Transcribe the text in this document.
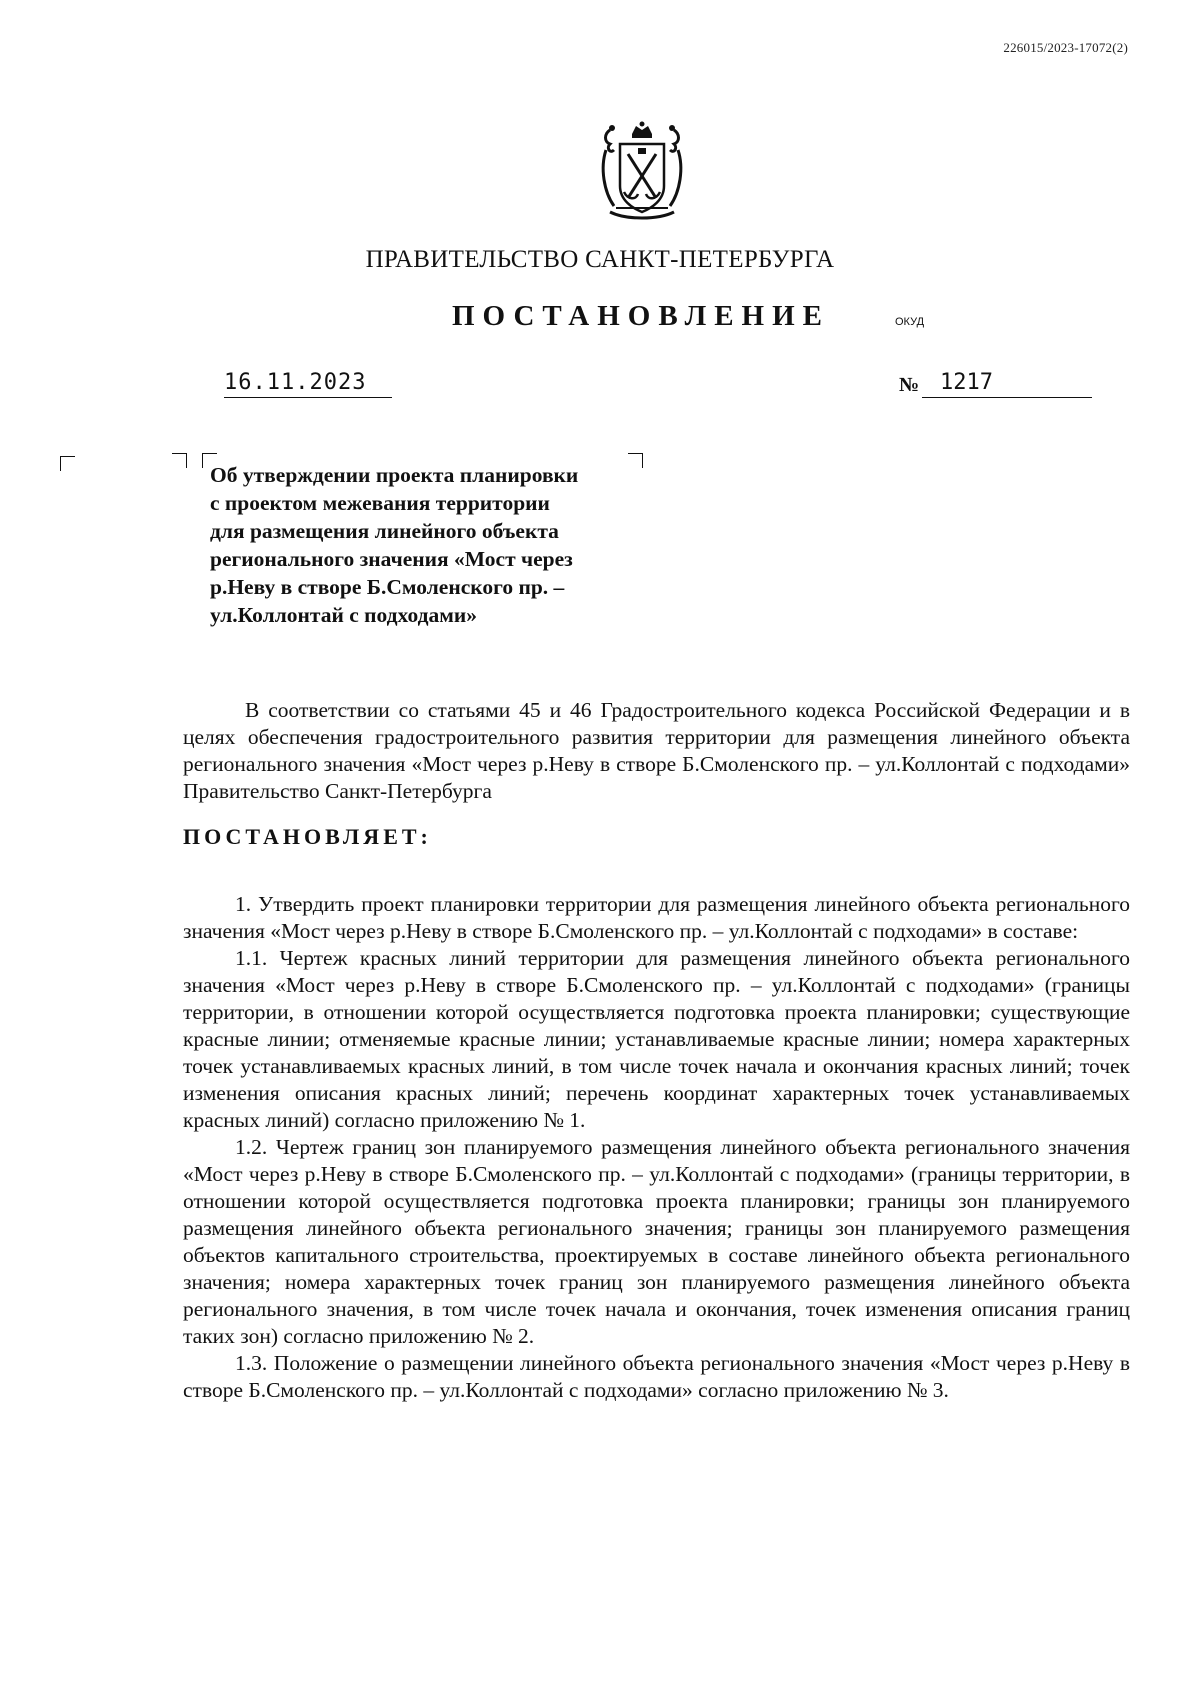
226015/2023-17072(2)
ПРАВИТЕЛЬСТВО САНКТ-ПЕТЕРБУРГА
ПОСТАНОВЛЕНИЕ	ОКУД
16.11.2023	№ 1217
Об утверждении проекта планировки
с проектом межевания территории
для размещения линейного объекта
регионального значения «Мост через
р.Неву в створе Б.Смоленского пр. –
ул.Коллонтай с подходами»

В соответствии со статьями 45 и 46 Градостроительного кодекса Российской Федерации и в целях обеспечения градостроительного развития территории для размещения линейного объекта регионального значения «Мост через р.Неву в створе Б.Смоленского пр. – ул.Коллонтай с подходами» Правительство Санкт-Петербурга

ПОСТАНОВЛЯЕТ:

1. Утвердить проект планировки территории для размещения линейного объекта регионального значения «Мост через р.Неву в створе Б.Смоленского пр. – ул.Коллонтай с подходами» в составе:

1.1. Чертеж красных линий территории для размещения линейного объекта регионального значения «Мост через р.Неву в створе Б.Смоленского пр. – ул.Коллонтай с подходами» (границы территории, в отношении которой осуществляется подготовка проекта планировки; существующие красные линии; отменяемые красные линии; устанавливаемые красные линии; номера характерных точек устанавливаемых красных линий, в том числе точек начала и окончания красных линий; точек изменения описания красных линий; перечень координат характерных точек устанавливаемых красных линий) согласно приложению № 1.

1.2. Чертеж границ зон планируемого размещения линейного объекта регионального значения «Мост через р.Неву в створе Б.Смоленского пр. – ул.Коллонтай с подходами» (границы территории, в отношении которой осуществляется подготовка проекта планировки; границы зон планируемого размещения линейного объекта регионального значения; границы зон планируемого размещения объектов капитального строительства, проектируемых в составе линейного объекта регионального значения; номера характерных точек границ зон планируемого размещения линейного объекта регионального значения, в том числе точек начала и окончания, точек изменения описания границ таких зон) согласно приложению № 2.

1.3. Положение о размещении линейного объекта регионального значения «Мост через р.Неву в створе Б.Смоленского пр. – ул.Коллонтай с подходами» согласно приложению № 3.
